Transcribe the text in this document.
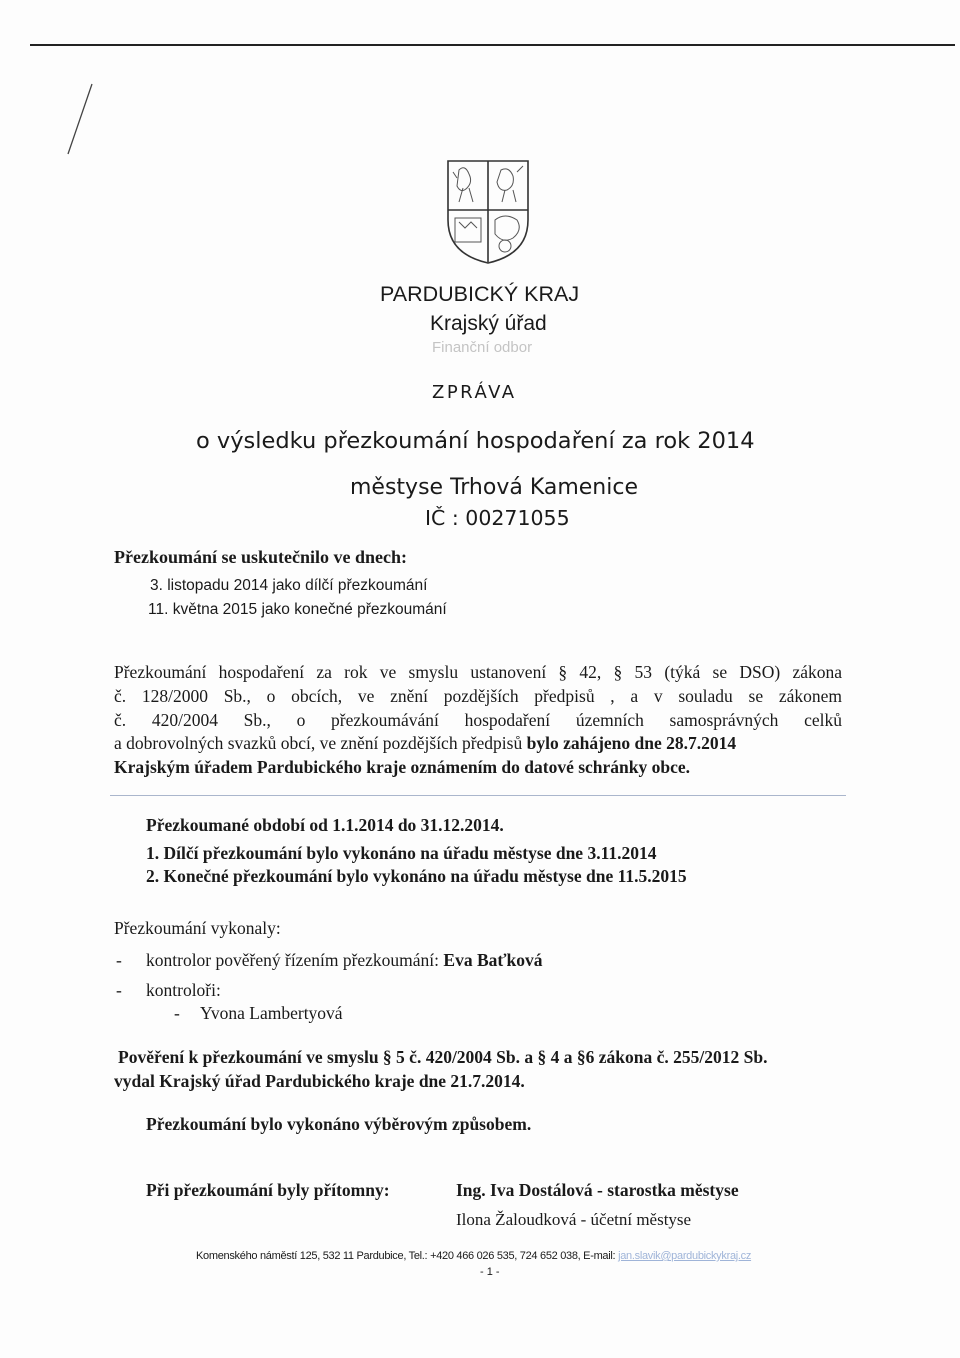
PARDUBICKÝ KRAJ
Krajský úřad
Finanční odbor
ZPRÁVA
o výsledku přezkoumání hospodaření za rok 2014
městyse Trhová Kamenice
IČ : 00271055
Přezkoumání se uskutečnilo ve dnech:
3. listopadu 2014 jako dílčí přezkoumání
11. května 2015 jako konečné přezkoumání
Přezkoumání hospodaření za rok ve smyslu ustanovení § 42, § 53 (týká se DSO) zákona
č. 128/2000 Sb., o obcích, ve znění pozdějších předpisů , a v souladu se zákonem
č. 420/2004 Sb., o přezkoumávání hospodaření územních samosprávných celků
a dobrovolných svazků obcí, ve znění pozdějších předpisů bylo zahájeno dne 28.7.2014
Krajským úřadem Pardubického kraje oznámením do datové schránky obce.
Přezkoumané období od 1.1.2014 do 31.12.2014.
1. Dílčí přezkoumání bylo vykonáno na úřadu městyse dne 3.11.2014
2. Konečné přezkoumání bylo vykonáno na úřadu městyse dne 11.5.2015
Přezkoumání vykonaly:
- kontrolor pověřený řízením přezkoumání: Eva Baťková
- kontroloři:
- Yvona Lambertyová
Pověření k přezkoumání ve smyslu § 5 č. 420/2004 Sb. a § 4 a §6 zákona č. 255/2012 Sb.
vydal Krajský úřad Pardubického kraje dne 21.7.2014.
Přezkoumání bylo vykonáno výběrovým způsobem.
Při přezkoumání byly přítomny:	Ing. Iva Dostálová - starostka městyse
Ilona Žaloudková - účetní městyse
Komenského náměstí 125, 532 11 Pardubice, Tel.: +420 466 026 535, 724 652 038, E-mail: jan.slavik@pardubickykraj.cz
- 1 -
